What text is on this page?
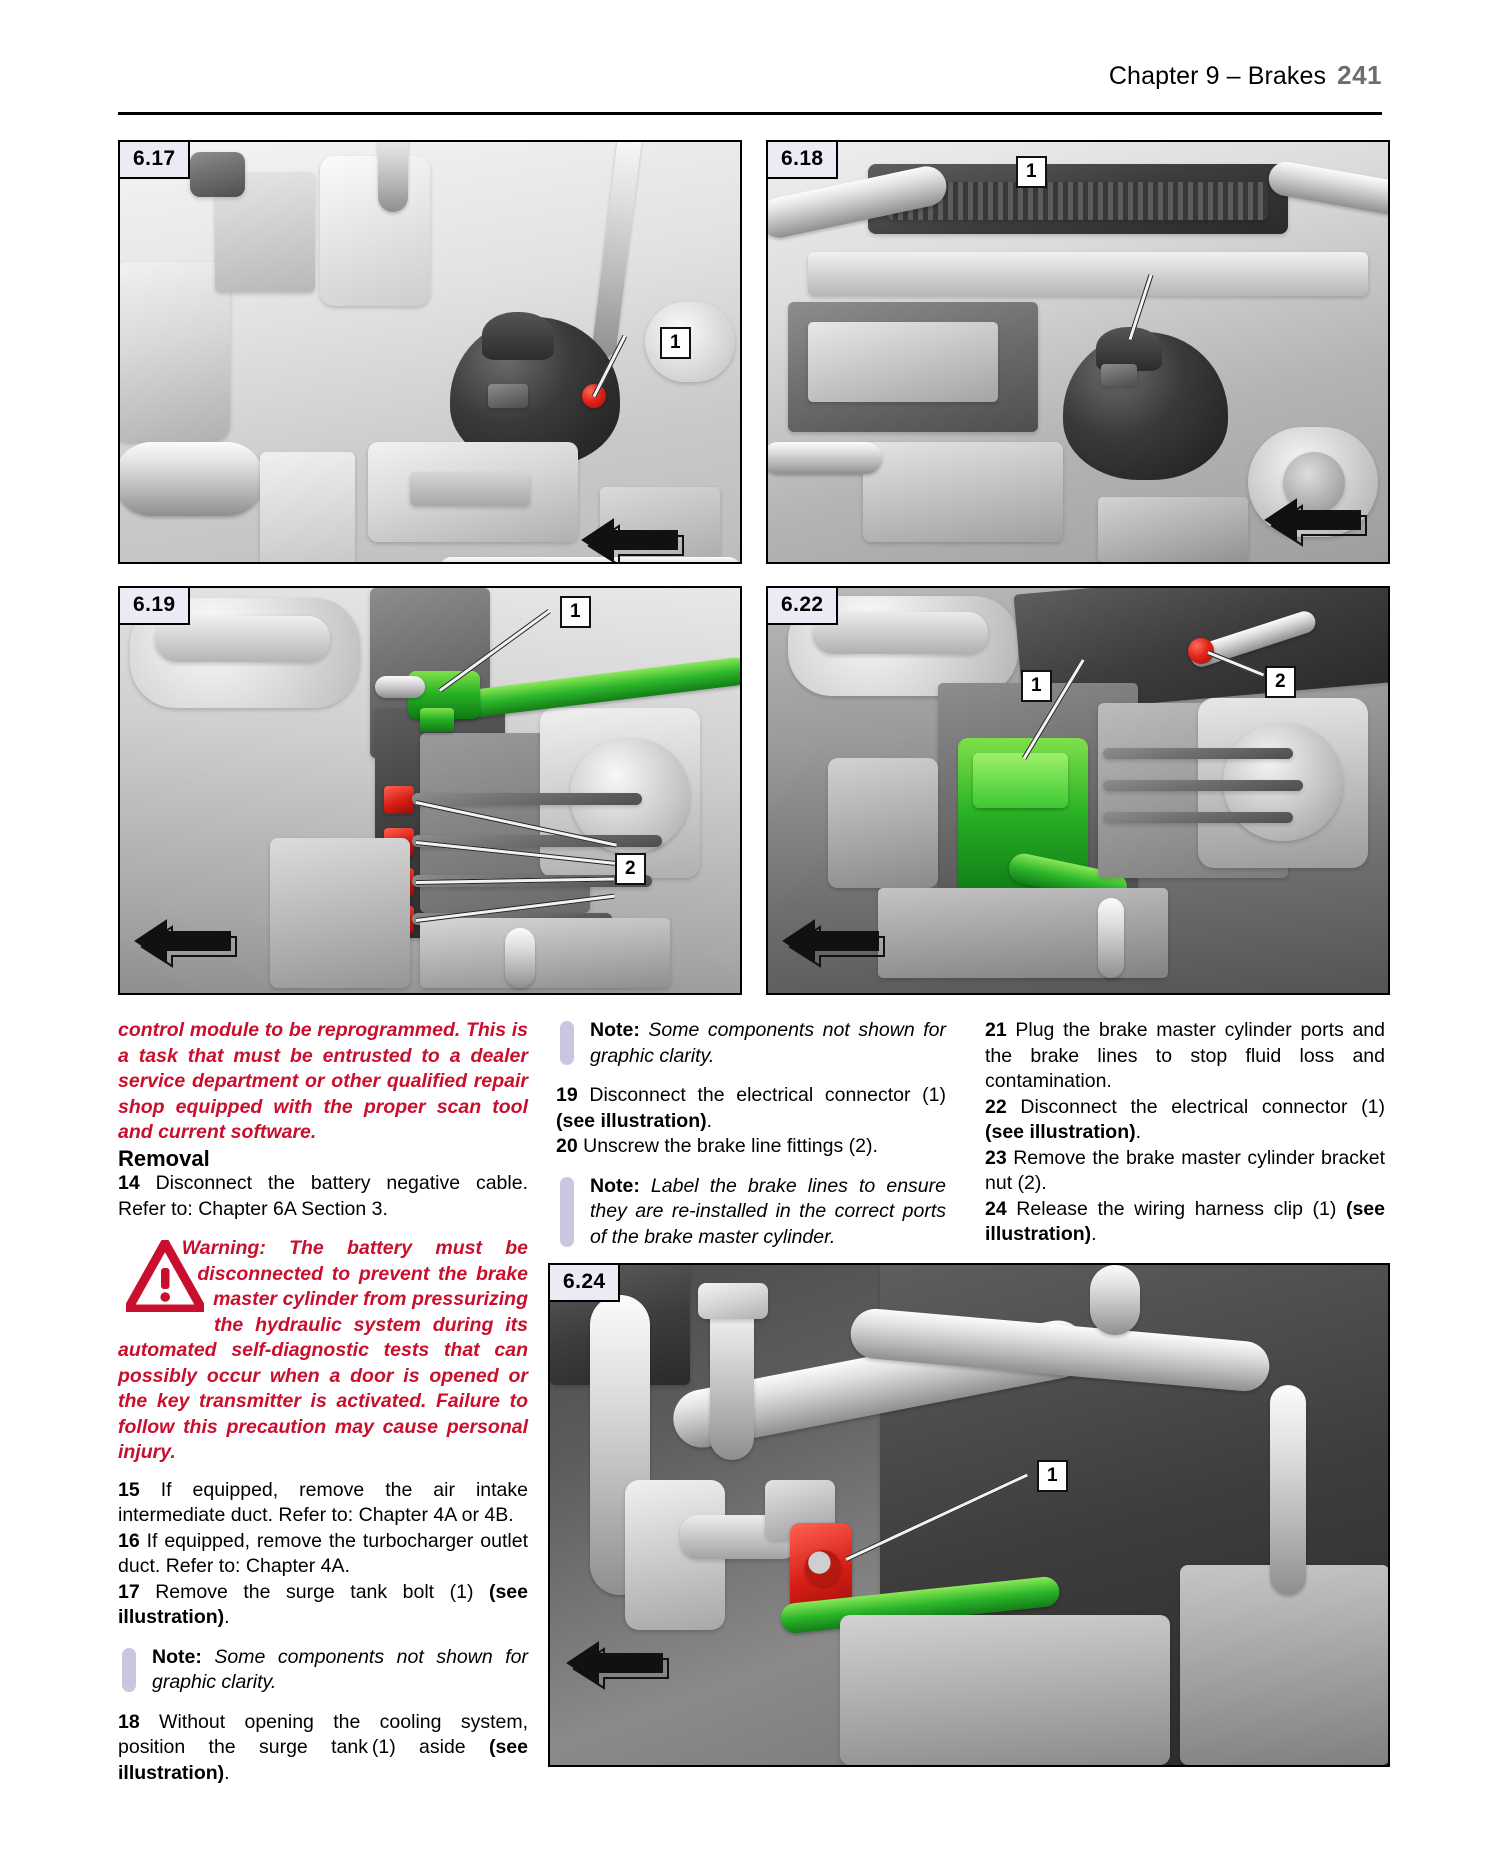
Chapter 9 – Brakes 241
1
6.17
1
6.18
1
2
6.19
1	2
6.22

control module to be reprogrammed. This is a task that must be entrusted to a dealer service department or other qualified repair shop equipped with the proper scan tool and current software.

Removal

14 Disconnect the battery negative cable. Refer to: Chapter 6A Section 3.

Warning: The battery must be disconnected to prevent the brake master cylinder from pressurizing the hydraulic system during its automated self-diagnostic tests that can possibly occur when a door is opened or the key transmitter is activated. Failure to follow this precaution may cause personal injury.

15 If equipped, remove the air intake intermediate duct. Refer to: Chapter 4A or 4B.

16 If equipped, remove the turbocharger outlet duct. Refer to: Chapter 4A.

17 Remove the surge tank bolt (1) (see illustration).

Note: Some components not shown for graphic clarity.

18 Without opening the cooling system, position the surge tank (1) aside (see illustration).

Note: Some components not shown for graphic clarity.

19 Disconnect the electrical connector (1) (see illustration).

20 Unscrew the brake line fittings (2).

Note: Label the brake lines to ensure they are re-installed in the correct ports of the brake master cylinder.

21 Plug the brake master cylinder ports and the brake lines to stop fluid loss and contamination.

22 Disconnect the electrical connector (1) (see illustration).

23 Remove the brake master cylinder bracket nut (2).

24 Release the wiring harness clip (1) (see illustration).

1
6.24
